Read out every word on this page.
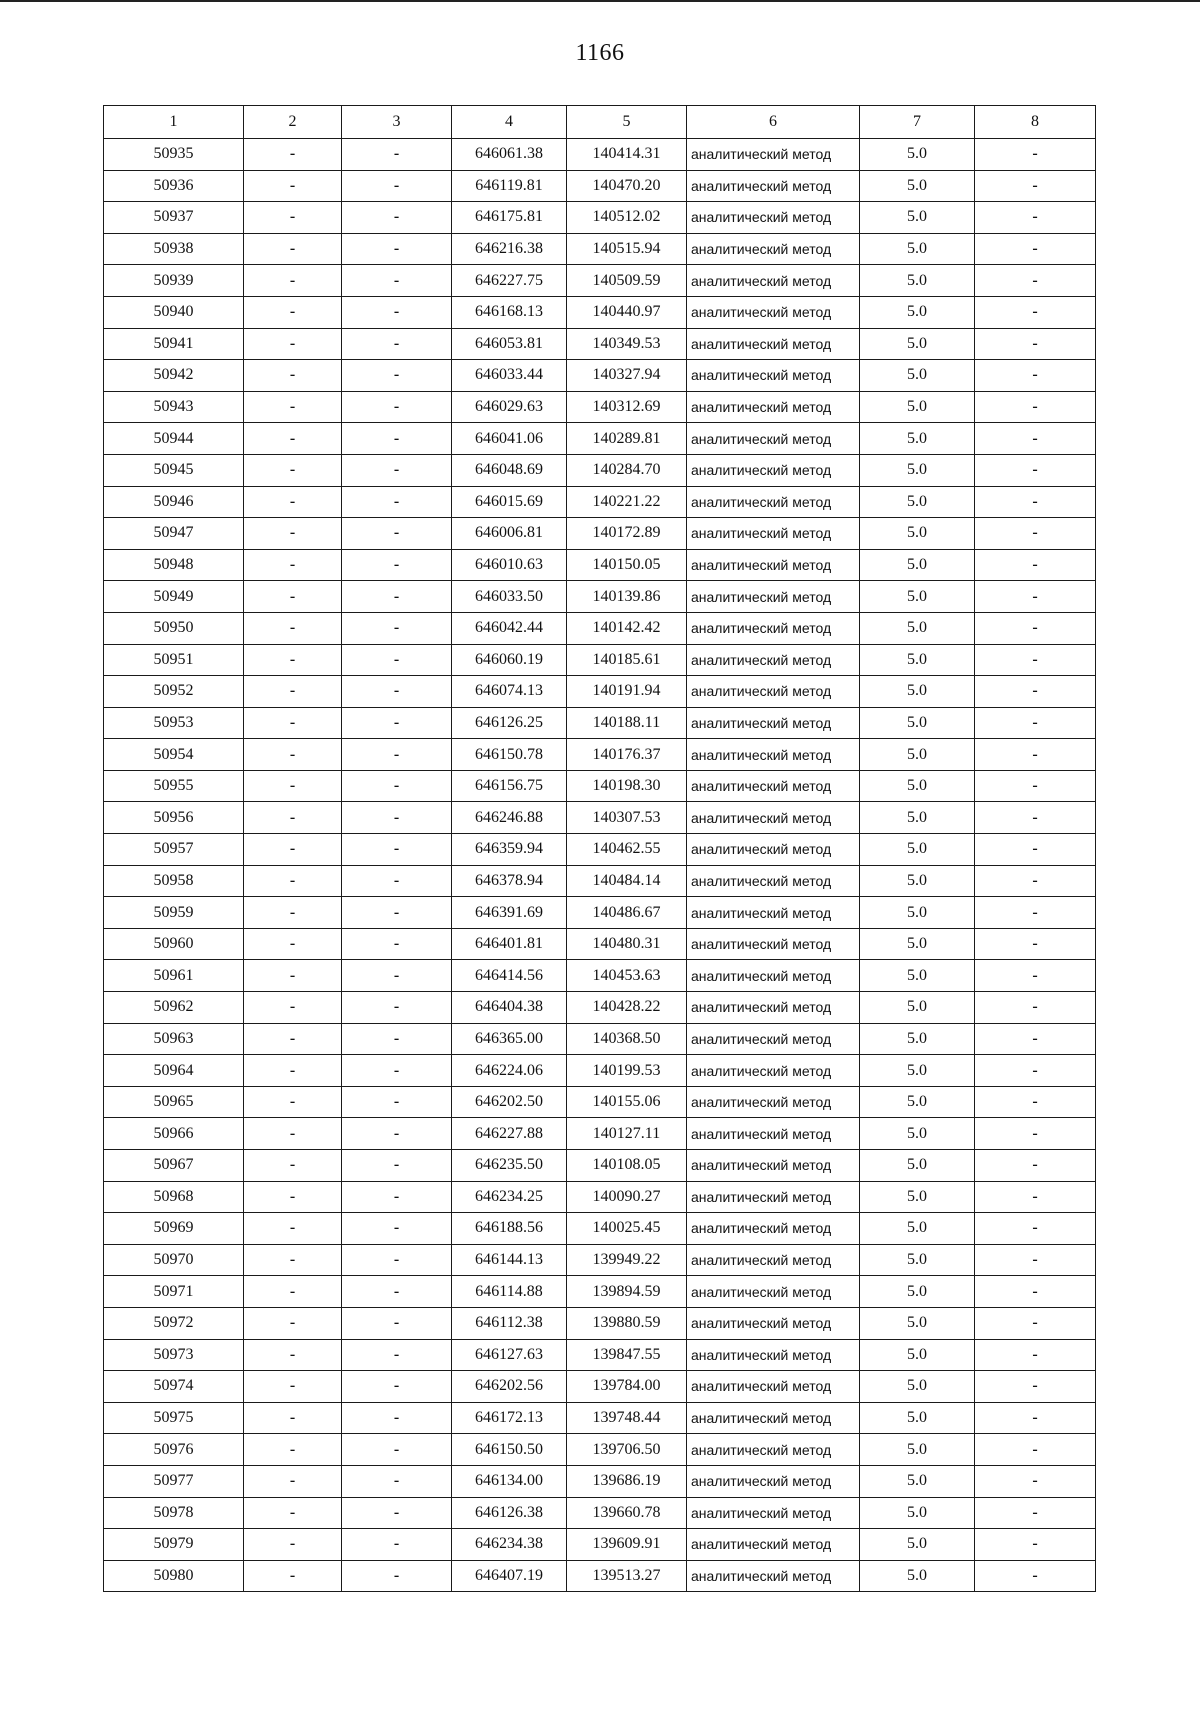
1166
1	2	3	4	5	6	7	8
50935	-	-	646061.38	140414.31	аналитический метод	5.0	-
50936	-	-	646119.81	140470.20	аналитический метод	5.0	-
50937	-	-	646175.81	140512.02	аналитический метод	5.0	-
50938	-	-	646216.38	140515.94	аналитический метод	5.0	-
50939	-	-	646227.75	140509.59	аналитический метод	5.0	-
50940	-	-	646168.13	140440.97	аналитический метод	5.0	-
50941	-	-	646053.81	140349.53	аналитический метод	5.0	-
50942	-	-	646033.44	140327.94	аналитический метод	5.0	-
50943	-	-	646029.63	140312.69	аналитический метод	5.0	-
50944	-	-	646041.06	140289.81	аналитический метод	5.0	-
50945	-	-	646048.69	140284.70	аналитический метод	5.0	-
50946	-	-	646015.69	140221.22	аналитический метод	5.0	-
50947	-	-	646006.81	140172.89	аналитический метод	5.0	-
50948	-	-	646010.63	140150.05	аналитический метод	5.0	-
50949	-	-	646033.50	140139.86	аналитический метод	5.0	-
50950	-	-	646042.44	140142.42	аналитический метод	5.0	-
50951	-	-	646060.19	140185.61	аналитический метод	5.0	-
50952	-	-	646074.13	140191.94	аналитический метод	5.0	-
50953	-	-	646126.25	140188.11	аналитический метод	5.0	-
50954	-	-	646150.78	140176.37	аналитический метод	5.0	-
50955	-	-	646156.75	140198.30	аналитический метод	5.0	-
50956	-	-	646246.88	140307.53	аналитический метод	5.0	-
50957	-	-	646359.94	140462.55	аналитический метод	5.0	-
50958	-	-	646378.94	140484.14	аналитический метод	5.0	-
50959	-	-	646391.69	140486.67	аналитический метод	5.0	-
50960	-	-	646401.81	140480.31	аналитический метод	5.0	-
50961	-	-	646414.56	140453.63	аналитический метод	5.0	-
50962	-	-	646404.38	140428.22	аналитический метод	5.0	-
50963	-	-	646365.00	140368.50	аналитический метод	5.0	-
50964	-	-	646224.06	140199.53	аналитический метод	5.0	-
50965	-	-	646202.50	140155.06	аналитический метод	5.0	-
50966	-	-	646227.88	140127.11	аналитический метод	5.0	-
50967	-	-	646235.50	140108.05	аналитический метод	5.0	-
50968	-	-	646234.25	140090.27	аналитический метод	5.0	-
50969	-	-	646188.56	140025.45	аналитический метод	5.0	-
50970	-	-	646144.13	139949.22	аналитический метод	5.0	-
50971	-	-	646114.88	139894.59	аналитический метод	5.0	-
50972	-	-	646112.38	139880.59	аналитический метод	5.0	-
50973	-	-	646127.63	139847.55	аналитический метод	5.0	-
50974	-	-	646202.56	139784.00	аналитический метод	5.0	-
50975	-	-	646172.13	139748.44	аналитический метод	5.0	-
50976	-	-	646150.50	139706.50	аналитический метод	5.0	-
50977	-	-	646134.00	139686.19	аналитический метод	5.0	-
50978	-	-	646126.38	139660.78	аналитический метод	5.0	-
50979	-	-	646234.38	139609.91	аналитический метод	5.0	-
50980	-	-	646407.19	139513.27	аналитический метод	5.0	-
